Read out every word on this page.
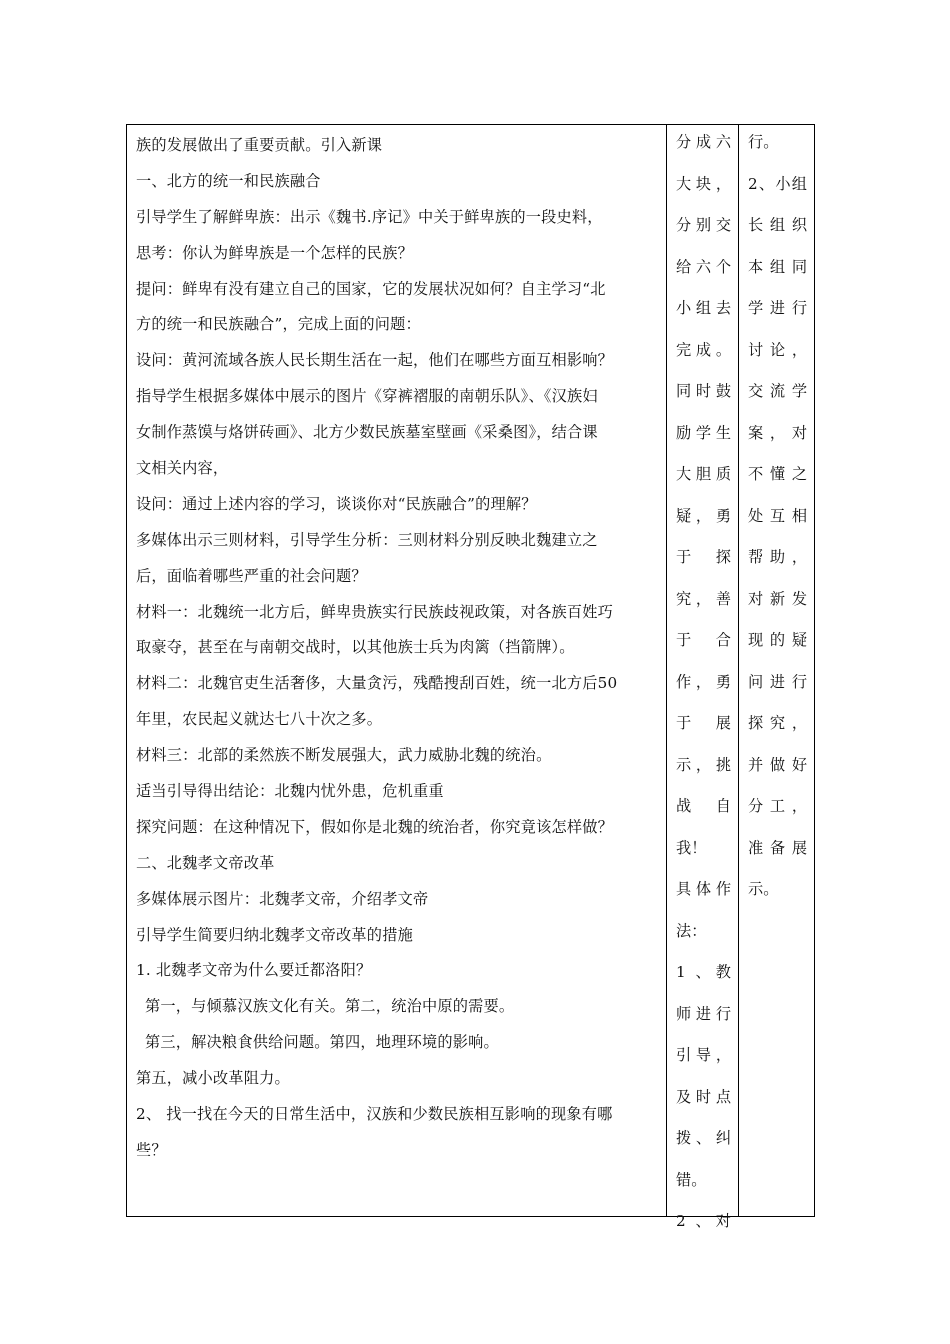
族的发展做出了重要贡献。引入新课
一、北方的统一和民族融合
引导学生了解鲜卑族：出示《魏书.序记》中关于鲜卑族的一段史料，
思考：你认为鲜卑族是一个怎样的民族？
提问：鲜卑有没有建立自己的国家，它的发展状况如何？自主学习“北
方的统一和民族融合”，完成上面的问题：
设问：黄河流域各族人民长期生活在一起，他们在哪些方面互相影响？
指导学生根据多媒体中展示的图片《穿裤褶服的南朝乐队》、《汉族妇
女制作蒸馍与烙饼砖画》、北方少数民族墓室壁画《采桑图》，结合课
文相关内容，
设问：通过上述内容的学习，谈谈你对“民族融合”的理解？
多媒体出示三则材料，引导学生分析：三则材料分别反映北魏建立之
后，面临着哪些严重的社会问题？
材料一：北魏统一北方后，鲜卑贵族实行民族歧视政策，对各族百姓巧
取豪夺，甚至在与南朝交战时，以其他族士兵为肉篱（挡箭牌）。
材料二：北魏官吏生活奢侈，大量贪污，残酷搜刮百姓，统一北方后50
年里，农民起义就达七八十次之多。
材料三：北部的柔然族不断发展强大，武力威胁北魏的统治。
适当引导得出结论：北魏内忧外患，危机重重
探究问题：在这种情况下，假如你是北魏的统治者，你究竟该怎样做？
二、北魏孝文帝改革
多媒体展示图片：北魏孝文帝，介绍孝文帝
引导学生简要归纳北魏孝文帝改革的措施
1. 北魏孝文帝为什么要迁都洛阳？
第一，与倾慕汉族文化有关。第二，统治中原的需要。
第三，解决粮食供给问题。第四，地理环境的影响。
第五，减小改革阻力。
2、 找一找在今天的日常生活中，汉族和少数民族相互影响的现象有哪
些？
分成六
大块，
分别交
给六个
小组去
完成。
同时鼓
励学生
大胆质
疑，勇
于 探
究，善
于 合
作，勇
于 展
示，挑
战 自
我！
具体作
法：
1 、教
师进行
引导，
及时点
拨、纠
错。
2 、对
行。
2、小组
长组织
本组同
学进行
讨论，
交流学
案，对
不懂之
处互相
帮助，
对新发
现的疑
问进行
探究，
并做好
分工，
准备展
示。
